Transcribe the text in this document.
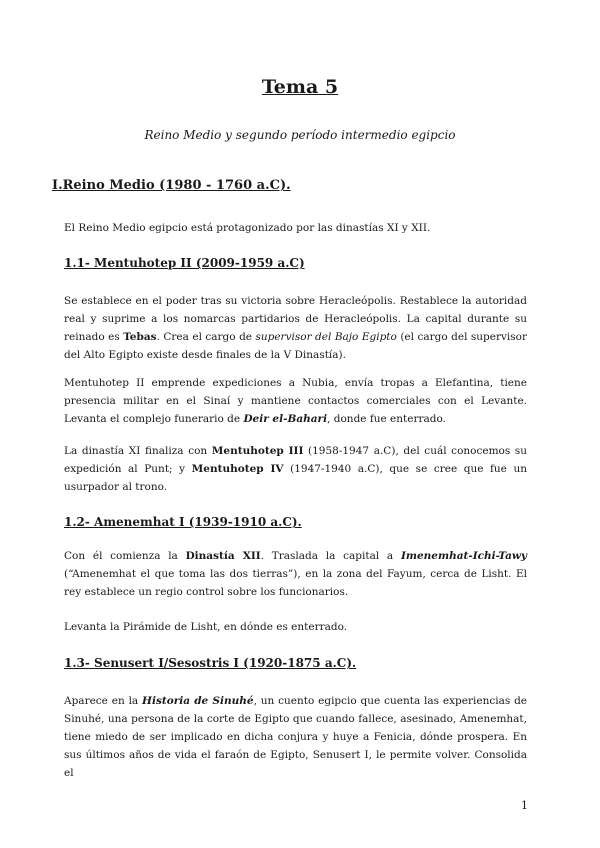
Tema 5

Reino Medio y segundo período intermedio egipcio

I.Reino Medio (1980 - 1760 a.C).

El Reino Medio egipcio está protagonizado por las dinastías XI y XII.

1.1- Mentuhotep II (2009-1959 a.C)

Se establece en el poder tras su victoria sobre Heracleópolis. Restablece la autoridad real y suprime a los nomarcas partidarios de Heracleópolis. La capital durante su reinado es Tebas. Crea el cargo de supervisor del Bajo Egipto (el cargo del supervisor del Alto Egipto existe desde finales de la V Dinastía).

Mentuhotep II emprende expediciones a Nubia, envía tropas a Elefantina, tiene presencia militar en el Sinaí y mantiene contactos comerciales con el Levante. Levanta el complejo funerario de Deir el-Bahari, donde fue enterrado.

La dinastía XI finaliza con Mentuhotep III (1958-1947 a.C), del cuál conocemos su expedición al Punt; y Mentuhotep IV (1947-1940 a.C), que se cree que fue un usurpador al trono.

1.2- Amenemhat I (1939-1910 a.C).

Con él comienza la Dinastía XII. Traslada la capital a Imenemhat-Ichi-Tawy (“Amenemhat el que toma las dos tierras”), en la zona del Fayum, cerca de Lisht. El rey establece un regio control sobre los funcionarios.

Levanta la Pirámide de Lisht, en dónde es enterrado.

1.3- Senusert I/Sesostris I (1920-1875 a.C).

Aparece en la Historia de Sinuhé, un cuento egipcio que cuenta las experiencias de Sinuhé, una persona de la corte de Egipto que cuando fallece, asesinado, Amenemhat, tiene miedo de ser implicado en dicha conjura y huye a Fenicia, dónde prospera. En sus últimos años de vida el faraón de Egipto, Senusert I, le permite volver. Consolida el

1
